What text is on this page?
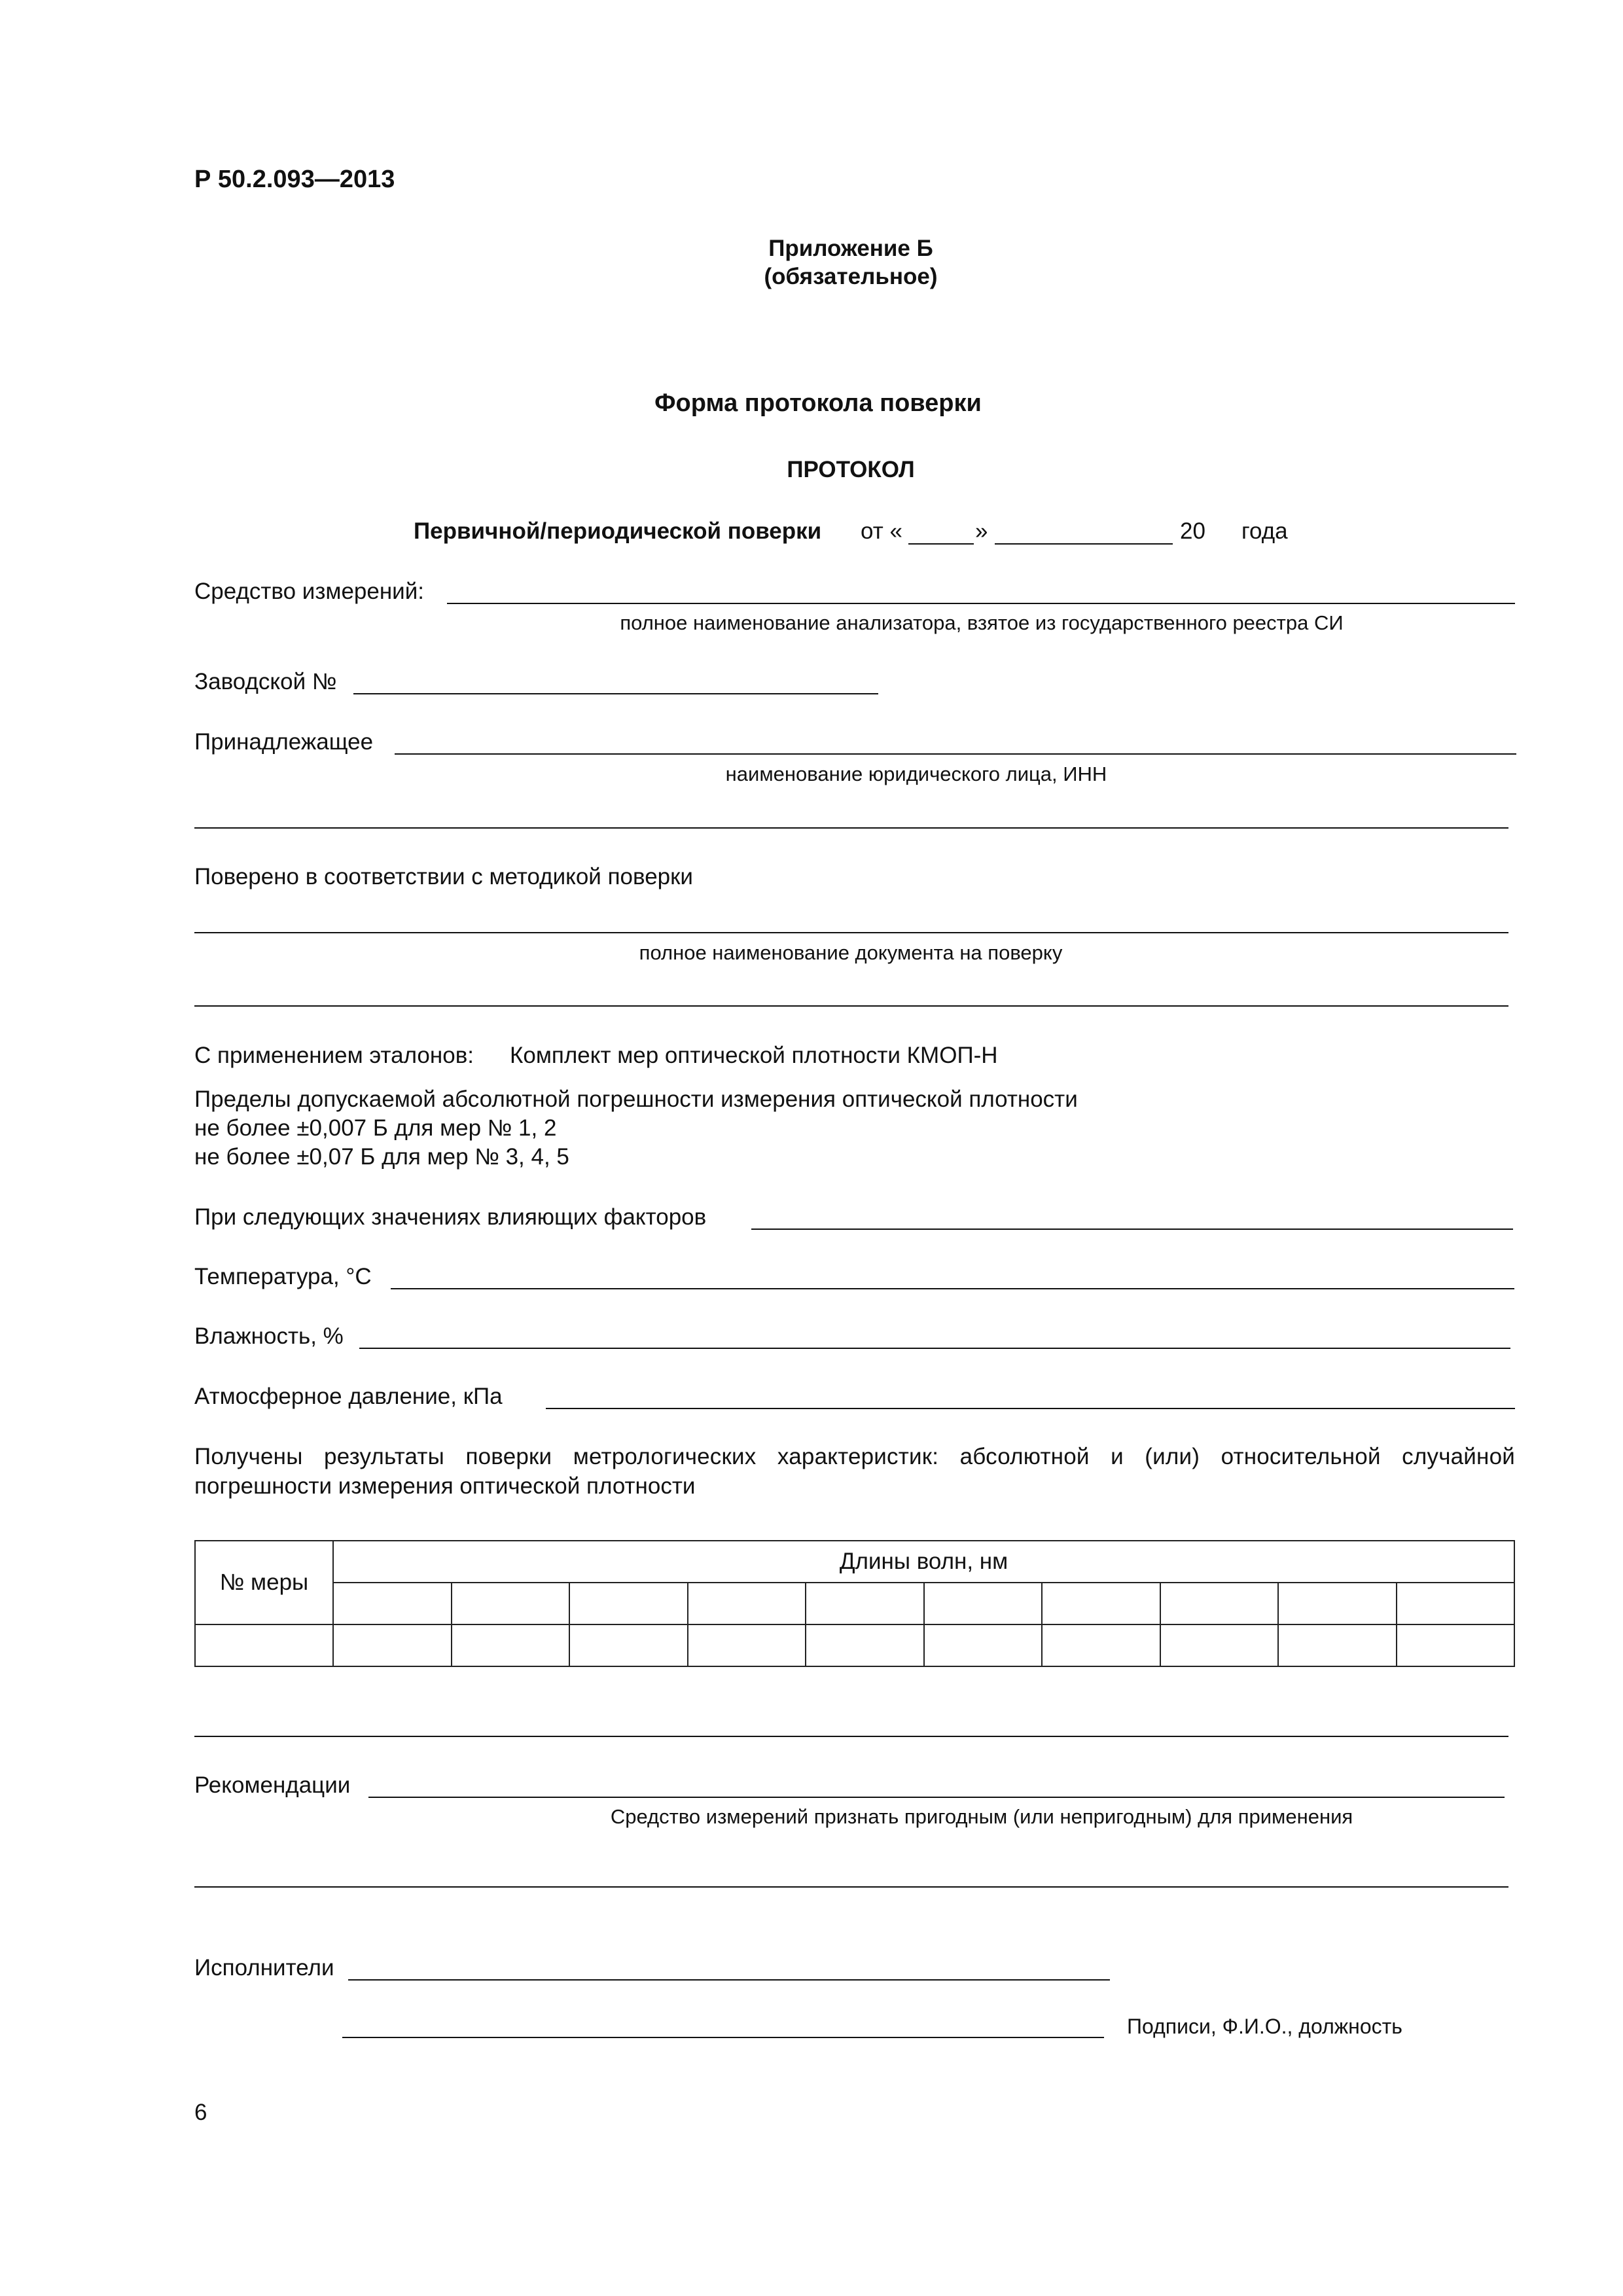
Р 50.2.093—2013
Приложение Б
(обязательное)
Форма протокола поверки
ПРОТОКОЛ
Первичной/периодической поверки от «	»	20 года
Средство измерений:
полное наименование анализатора, взятое из государственного реестра СИ
Заводской №
Принадлежащее
наименование юридического лица, ИНН
Поверено в соответствии с методикой поверки
полное наименование документа на поверку
С применением эталонов: Комплект мер оптической плотности КМОП-Н
Пределы допускаемой абсолютной погрешности измерения оптической плотности
не более ±0,007 Б для мер № 1, 2
не более ±0,07 Б для мер № 3, 4, 5
При следующих значениях влияющих факторов
Температура, °С
Влажность, %
Атмосферное давление, кПа
Получены результаты поверки метрологических характеристик: абсолютной и (или) относительной случайной
погрешности измерения оптической плотности
№ меры	Длины волн, нм									

Рекомендации
Средство измерений признать пригодным (или непригодным) для применения
Исполнители
Подписи, Ф.И.О., должность
6
